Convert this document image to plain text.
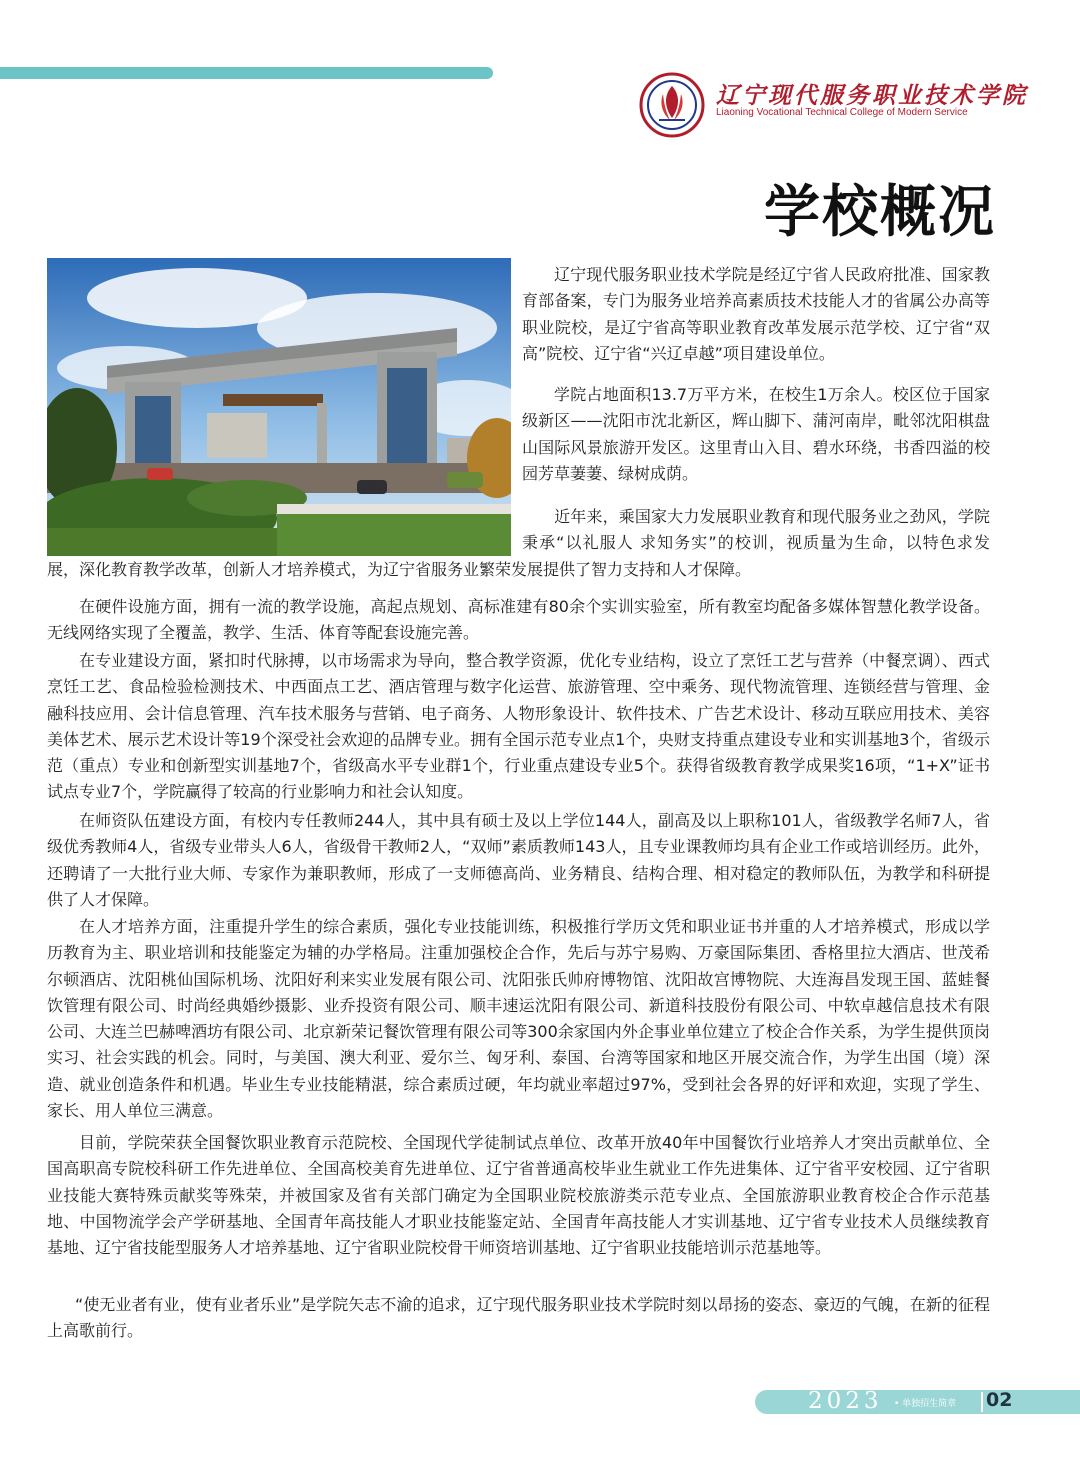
辽宁现代服务职业技术学院
Liaoning Vocational Technical College of Modern Service
学校概况

辽宁现代服务职业技术学院是经辽宁省人民政府批准、国家教育部备案，专门为服务业培养高素质技术技能人才的省属公办高等职业院校，是辽宁省高等职业教育改革发展示范学校、辽宁省“双高”院校、辽宁省“兴辽卓越”项目建设单位。

学院占地面积13.7万平方米，在校生1万余人。校区位于国家级新区——沈阳市沈北新区，辉山脚下、蒲河南岸，毗邻沈阳棋盘山国际风景旅游开发区。这里青山入目、碧水环绕，书香四溢的校园芳草萋萋、绿树成荫。

近年来，乘国家大力发展职业教育和现代服务业之劲风，学院秉承“以礼服人 求知务实”的校训，视质量为生命，以特色求发展，深化教育教学改革，创新人才培养模式，为辽宁省服务业繁荣发展提供了智力支持和人才保障。

在硬件设施方面，拥有一流的教学设施，高起点规划、高标准建有80余个实训实验室，所有教室均配备多媒体智慧化教学设备。无线网络实现了全覆盖，教学、生活、体育等配套设施完善。

在专业建设方面，紧扣时代脉搏，以市场需求为导向，整合教学资源，优化专业结构，设立了烹饪工艺与营养（中餐烹调）、西式烹饪工艺、食品检验检测技术、中西面点工艺、酒店管理与数字化运营、旅游管理、空中乘务、现代物流管理、连锁经营与管理、金融科技应用、会计信息管理、汽车技术服务与营销、电子商务、人物形象设计、软件技术、广告艺术设计、移动互联应用技术、美容美体艺术、展示艺术设计等19个深受社会欢迎的品牌专业。拥有全国示范专业点1个，央财支持重点建设专业和实训基地3个，省级示范（重点）专业和创新型实训基地7个，省级高水平专业群1个，行业重点建设专业5个。获得省级教育教学成果奖16项，“1+X”证书试点专业7个，学院赢得了较高的行业影响力和社会认知度。

在师资队伍建设方面，有校内专任教师244人，其中具有硕士及以上学位144人，副高及以上职称101人，省级教学名师7人，省级优秀教师4人，省级专业带头人6人，省级骨干教师2人，“双师”素质教师143人，且专业课教师均具有企业工作或培训经历。此外，还聘请了一大批行业大师、专家作为兼职教师，形成了一支师德高尚、业务精良、结构合理、相对稳定的教师队伍，为教学和科研提供了人才保障。

在人才培养方面，注重提升学生的综合素质，强化专业技能训练，积极推行学历文凭和职业证书并重的人才培养模式，形成以学历教育为主、职业培训和技能鉴定为辅的办学格局。注重加强校企合作，先后与苏宁易购、万豪国际集团、香格里拉大酒店、世茂希尔顿酒店、沈阳桃仙国际机场、沈阳好利来实业发展有限公司、沈阳张氏帅府博物馆、沈阳故宫博物院、大连海昌发现王国、蓝蛙餐饮管理有限公司、时尚经典婚纱摄影、业乔投资有限公司、顺丰速运沈阳有限公司、新道科技股份有限公司、中软卓越信息技术有限公司、大连兰巴赫啤酒坊有限公司、北京新荣记餐饮管理有限公司等300余家国内外企事业单位建立了校企合作关系，为学生提供顶岗实习、社会实践的机会。同时，与美国、澳大利亚、爱尔兰、匈牙利、泰国、台湾等国家和地区开展交流合作，为学生出国（境）深造、就业创造条件和机遇。毕业生专业技能精湛，综合素质过硬，年均就业率超过97%，受到社会各界的好评和欢迎，实现了学生、家长、用人单位三满意。

目前，学院荣获全国餐饮职业教育示范院校、全国现代学徒制试点单位、改革开放40年中国餐饮行业培养人才突出贡献单位、全国高职高专院校科研工作先进单位、全国高校美育先进单位、辽宁省普通高校毕业生就业工作先进集体、辽宁省平安校园、辽宁省职业技能大赛特殊贡献奖等殊荣，并被国家及省有关部门确定为全国职业院校旅游类示范专业点、全国旅游职业教育校企合作示范基地、中国物流学会产学研基地、全国青年高技能人才职业技能鉴定站、全国青年高技能人才实训基地、辽宁省专业技术人员继续教育基地、辽宁省技能型服务人才培养基地、辽宁省职业院校骨干师资培训基地、辽宁省职业技能培训示范基地等。

“使无业者有业，使有业者乐业”是学院矢志不渝的追求，辽宁现代服务职业技术学院时刻以昂扬的姿态、豪迈的气魄，在新的征程上高歌前行。

2023 • 单独招生简章 02
